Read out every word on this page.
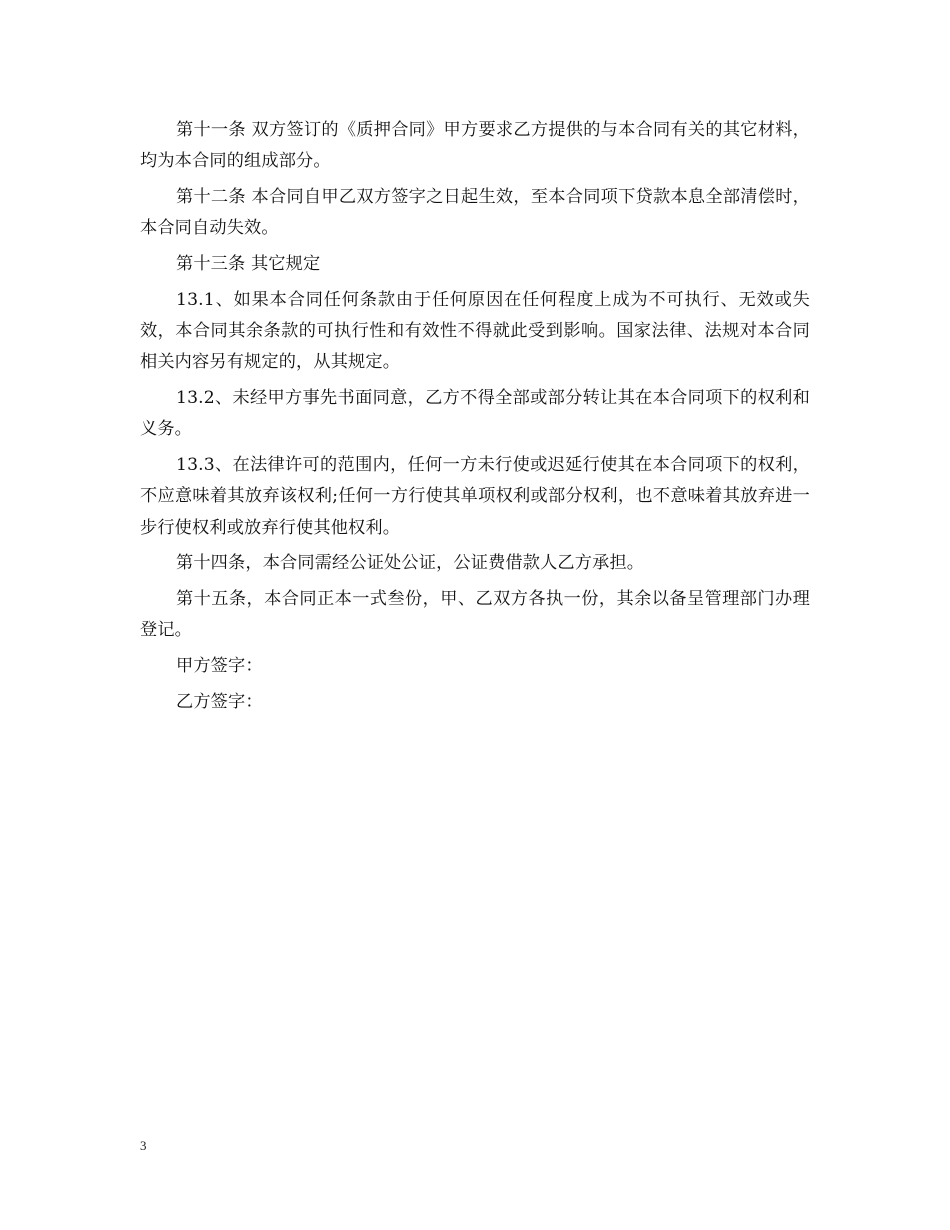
第十一条 双方签订的《质押合同》甲方要求乙方提供的与本合同有关的其它材料，均为本合同的组成部分。

第十二条 本合同自甲乙双方签字之日起生效，至本合同项下贷款本息全部清偿时，本合同自动失效。

第十三条 其它规定

13.1、如果本合同任何条款由于任何原因在任何程度上成为不可执行、无效或失效，本合同其余条款的可执行性和有效性不得就此受到影响。国家法律、法规对本合同相关内容另有规定的，从其规定。

13.2、未经甲方事先书面同意，乙方不得全部或部分转让其在本合同项下的权利和义务。

13.3、在法律许可的范围内，任何一方未行使或迟延行使其在本合同项下的权利，不应意味着其放弃该权利;任何一方行使其单项权利或部分权利，也不意味着其放弃进一步行使权利或放弃行使其他权利。

第十四条，本合同需经公证处公证，公证费借款人乙方承担。

第十五条，本合同正本一式叁份，甲、乙双方各执一份，其余以备呈管理部门办理登记。

甲方签字：

乙方签字：

3
